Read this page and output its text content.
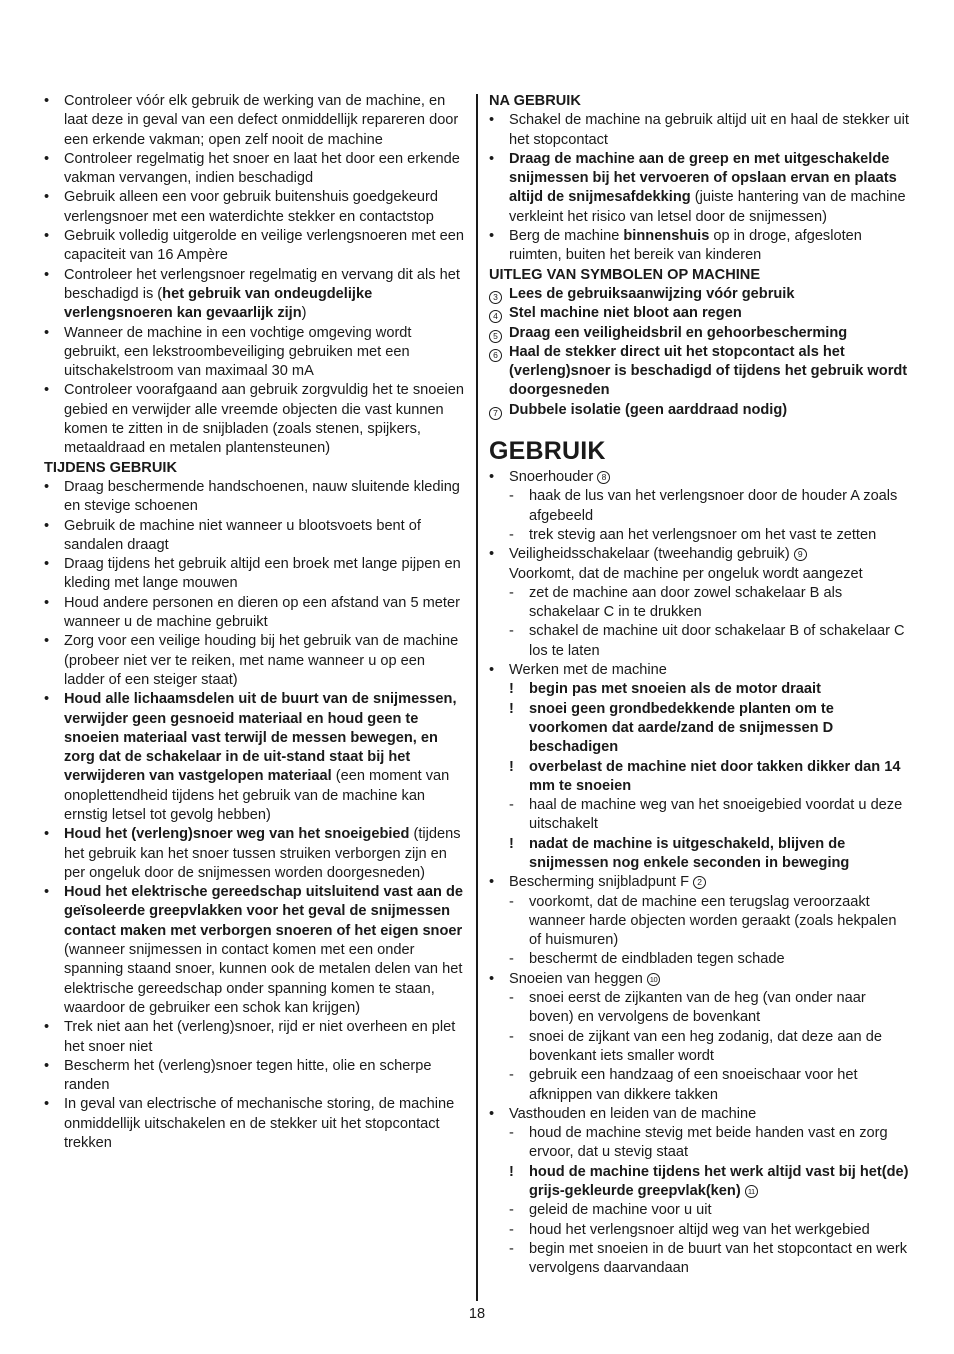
•	Controleer vóór elk gebruik de werking van de machine, en laat deze in geval van een defect onmiddellijk repareren door een erkende vakman; open zelf nooit de machine
•	Controleer regelmatig het snoer en laat het door een erkende vakman vervangen, indien beschadigd
•	Gebruik alleen een voor gebruik buitenshuis goedgekeurd verlengsnoer met een waterdichte stekker en contactstop
•	Gebruik volledig uitgerolde en veilige verlengsnoeren met een capaciteit van 16 Ampère
•	Controleer het verlengsnoer regelmatig en vervang dit als het beschadigd is (het gebruik van ondeugdelijke verlengsnoeren kan gevaarlijk zijn)
•	Wanneer de machine in een vochtige omgeving wordt gebruikt, een lekstroombeveiliging gebruiken met een uitschakelstroom van maximaal 30 mA
•	Controleer voorafgaand aan gebruik zorgvuldig het te snoeien gebied en verwijder alle vreemde objecten die vast kunnen komen te zitten in de snijbladen (zoals stenen, spijkers, metaaldraad en metalen plantensteunen)
TIJDENS GEBRUIK
•	Draag beschermende handschoenen, nauw sluitende kleding en stevige schoenen
•	Gebruik de machine niet wanneer u blootsvoets bent of sandalen draagt
•	Draag tijdens het gebruik altijd een broek met lange pijpen en kleding met lange mouwen
•	Houd andere personen en dieren op een afstand van 5 meter wanneer u de machine gebruikt
•	Zorg voor een veilige houding bij het gebruik van de machine (probeer niet ver te reiken, met name wanneer u op een ladder of een steiger staat)
•	Houd alle lichaamsdelen uit de buurt van de snijmessen, verwijder geen gesnoeid materiaal en houd geen te snoeien materiaal vast terwijl de messen bewegen, en zorg dat de schakelaar in de uit-stand staat bij het verwijderen van vastgelopen materiaal (een moment van onoplettendheid tijdens het gebruik van de machine kan ernstig letsel tot gevolg hebben)
•	Houd het (verleng)snoer weg van het snoeigebied (tijdens het gebruik kan het snoer tussen struiken verborgen zijn en per ongeluk door de snijmessen worden doorgesneden)
•	Houd het elektrische gereedschap uitsluitend vast aan de geïsoleerde greepvlakken voor het geval de snijmessen contact maken met verborgen snoeren of het eigen snoer (wanneer snijmessen in contact komen met een onder spanning staand snoer, kunnen ook de metalen delen van het elektrische gereedschap onder spanning komen te staan, waardoor de gebruiker een schok kan krijgen)
•	Trek niet aan het (verleng)snoer, rijd er niet overheen en plet het snoer niet
•	Bescherm het (verleng)snoer tegen hitte, olie en scherpe randen
•	In geval van electrische of mechanische storing, de machine onmiddellijk uitschakelen en de stekker uit het stopcontact trekken
NA GEBRUIK
•	Schakel de machine na gebruik altijd uit en haal de stekker uit het stopcontact
•	Draag de machine aan de greep en met uitgeschakelde snijmessen bij het vervoeren of opslaan ervan en plaats altijd de snijmesafdekking (juiste hantering van de machine verkleint het risico van letsel door de snijmessen)
•	Berg de machine binnenshuis op in droge, afgesloten ruimten, buiten het bereik van kinderen
UITLEG VAN SYMBOLEN OP MACHINE
3 Lees de gebruiksaanwijzing vóór gebruik
4 Stel machine niet bloot aan regen
5 Draag een veiligheidsbril en gehoorbescherming
6 Haal de stekker direct uit het stopcontact als het (verleng)snoer is beschadigd of tijdens het gebruik wordt doorgesneden
7 Dubbele isolatie (geen aarddraad nodig)
GEBRUIK
•	Snoerhouder 8
-	haak de lus van het verlengsnoer door de houder A zoals afgebeeld
-	trek stevig aan het verlengsnoer om het vast te zetten
•	Veiligheidsschakelaar (tweehandig gebruik) 9
Voorkomt, dat de machine per ongeluk wordt aangezet
-	zet de machine aan door zowel schakelaar B als schakelaar C in te drukken
-	schakel de machine uit door schakelaar B of schakelaar C los te laten
•	Werken met de machine
!	begin pas met snoeien als de motor draait
!	snoei geen grondbedekkende planten om te voorkomen dat aarde/zand de snijmessen D beschadigen
!	overbelast de machine niet door takken dikker dan 14 mm te snoeien
-	haal de machine weg van het snoeigebied voordat u deze uitschakelt
!	nadat de machine is uitgeschakeld, blijven de snijmessen nog enkele seconden in beweging
•	Bescherming snijbladpunt F 2
-	voorkomt, dat de machine een terugslag veroorzaakt wanneer harde objecten worden geraakt (zoals hekpalen of huismuren)
-	beschermt de eindbladen tegen schade
•	Snoeien van heggen 10
-	snoei eerst de zijkanten van de heg (van onder naar boven) en vervolgens de bovenkant
-	snoei de zijkant van een heg zodanig, dat deze aan de bovenkant iets smaller wordt
-	gebruik een handzaag of een snoeischaar voor het afknippen van dikkere takken
•	Vasthouden en leiden van de machine
-	houd de machine stevig met beide handen vast en zorg ervoor, dat u stevig staat
!	houd de machine tijdens het werk altijd vast bij het(de) grijs-gekleurde greepvlak(ken) 11
-	geleid de machine voor u uit
-	houd het verlengsnoer altijd weg van het werkgebied
-	begin met snoeien in de buurt van het stopcontact en werk vervolgens daarvandaan
18
